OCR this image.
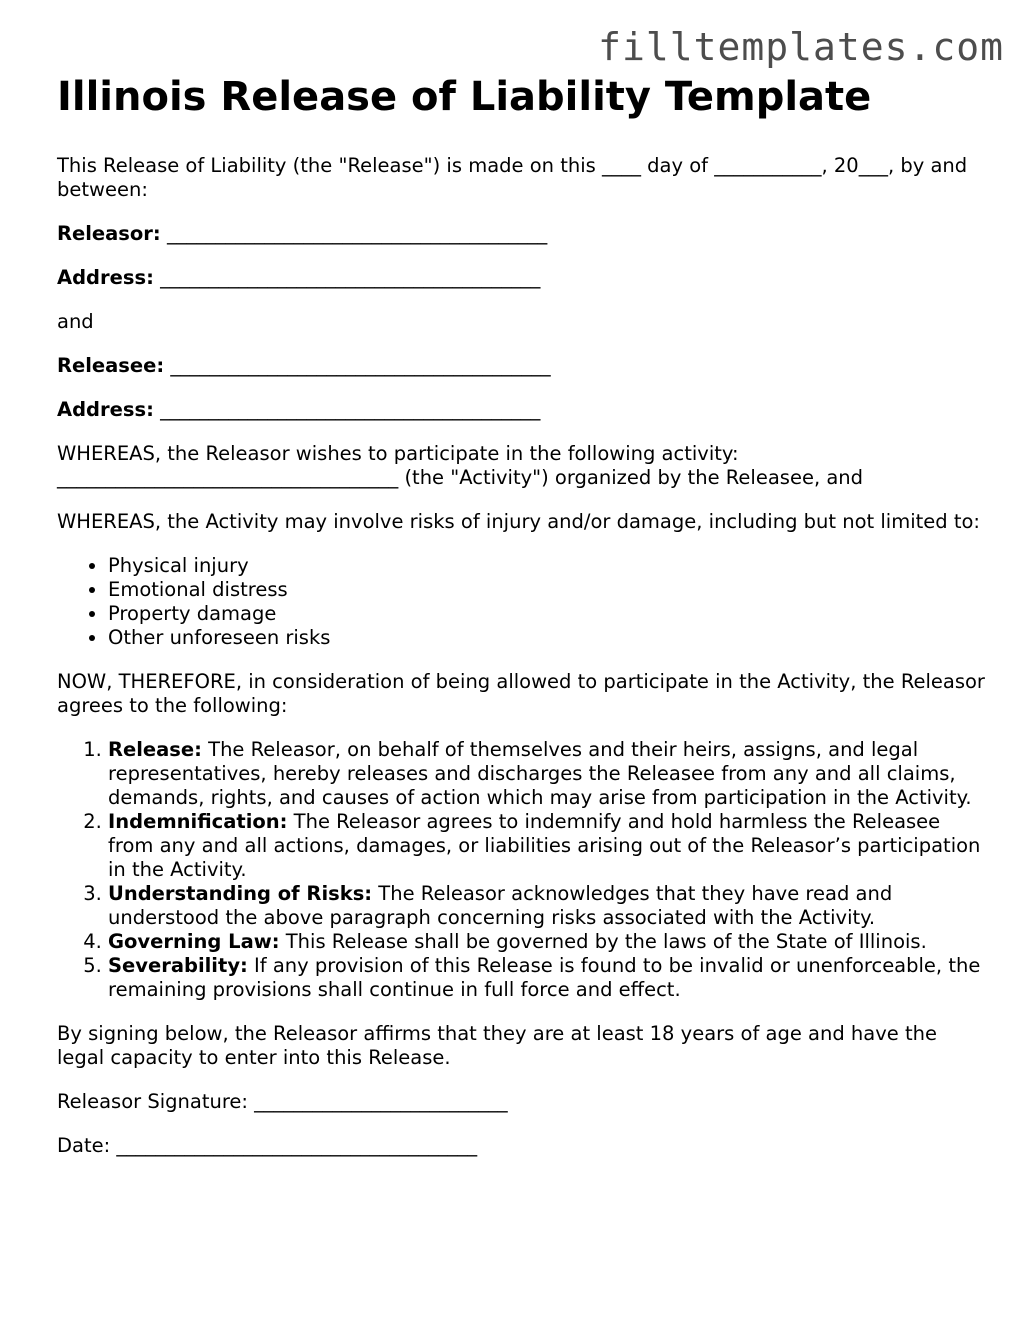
filltemplates.com
Illinois Release of Liability Template

This Release of Liability (the "Release") is made on this ____ day of ___________, 20___, by and between:

Releasor: _______________________________________
Address: _______________________________________
and
Releasee: _______________________________________
Address: _______________________________________

WHEREAS, the Releasor wishes to participate in the following activity: ___________________________________ (the "Activity") organized by the Releasee, and

WHEREAS, the Activity may involve risks of injury and/or damage, including but not limited to:

• Physical injury
• Emotional distress
• Property damage
• Other unforeseen risks

NOW, THEREFORE, in consideration of being allowed to participate in the Activity, the Releasor agrees to the following:

1. Release: The Releasor, on behalf of themselves and their heirs, assigns, and legal representatives, hereby releases and discharges the Releasee from any and all claims, demands, rights, and causes of action which may arise from participation in the Activity.
2. Indemnification: The Releasor agrees to indemnify and hold harmless the Releasee from any and all actions, damages, or liabilities arising out of the Releasor’s participation in the Activity.
3. Understanding of Risks: The Releasor acknowledges that they have read and understood the above paragraph concerning risks associated with the Activity.
4. Governing Law: This Release shall be governed by the laws of the State of Illinois.
5. Severability: If any provision of this Release is found to be invalid or unenforceable, the remaining provisions shall continue in full force and effect.

By signing below, the Releasor affirms that they are at least 18 years of age and have the legal capacity to enter into this Release.

Releasor Signature: __________________________

Date: _____________________________________
